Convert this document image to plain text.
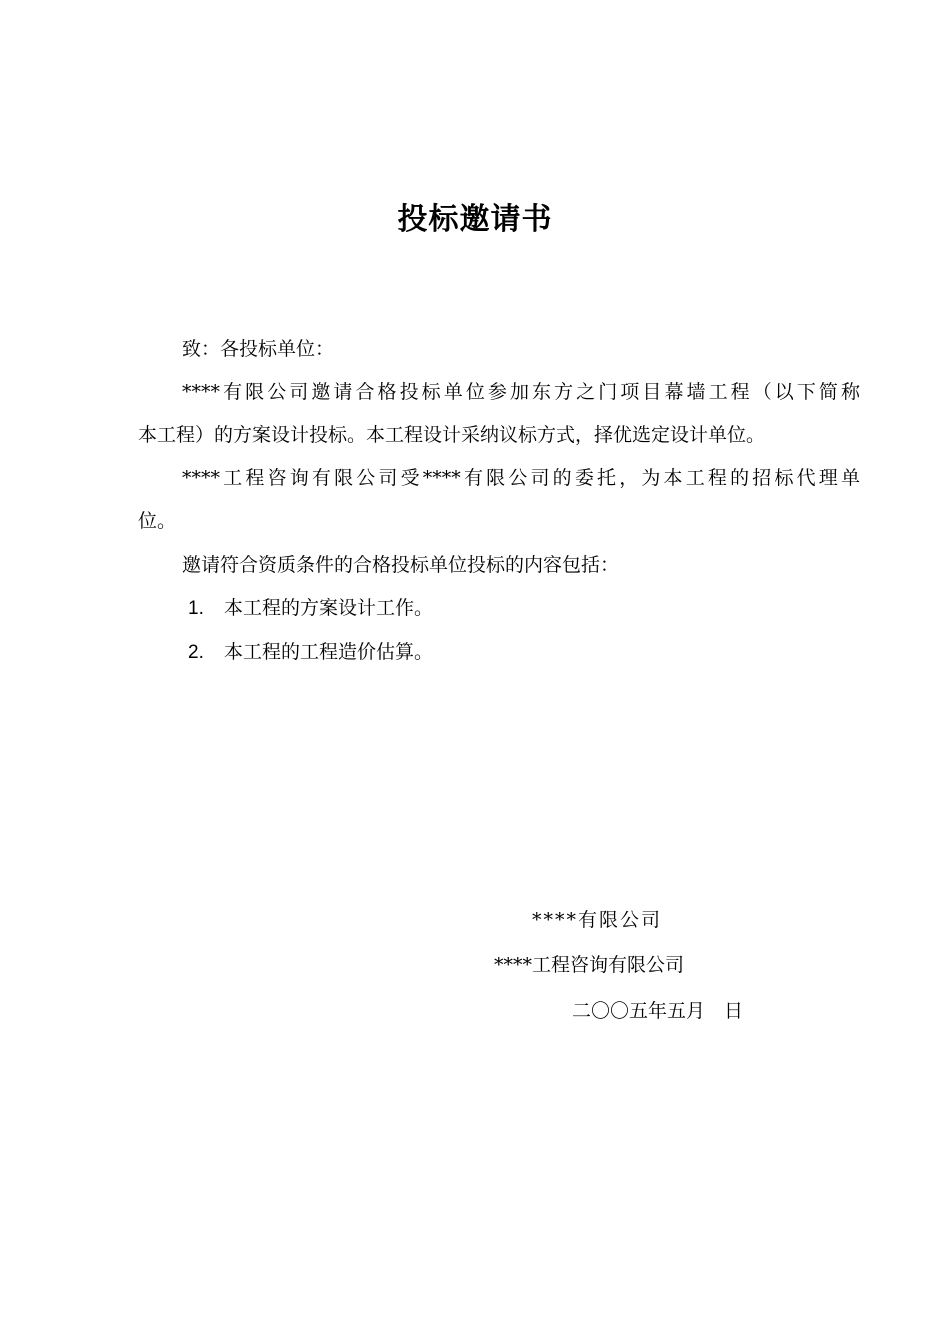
投标邀请书
致：各投标单位：
****有限公司邀请合格投标单位参加东方之门项目幕墙工程（以下简称
本工程）的方案设计投标。本工程设计采纳议标方式，择优选定设计单位。
****工程咨询有限公司受****有限公司的委托，为本工程的招标代理单
位。
邀请符合资质条件的合格投标单位投标的内容包括：
1. 本工程的方案设计工作。
2. 本工程的工程造价估算。
****有限公司
****工程咨询有限公司
二〇〇五年五月　日
